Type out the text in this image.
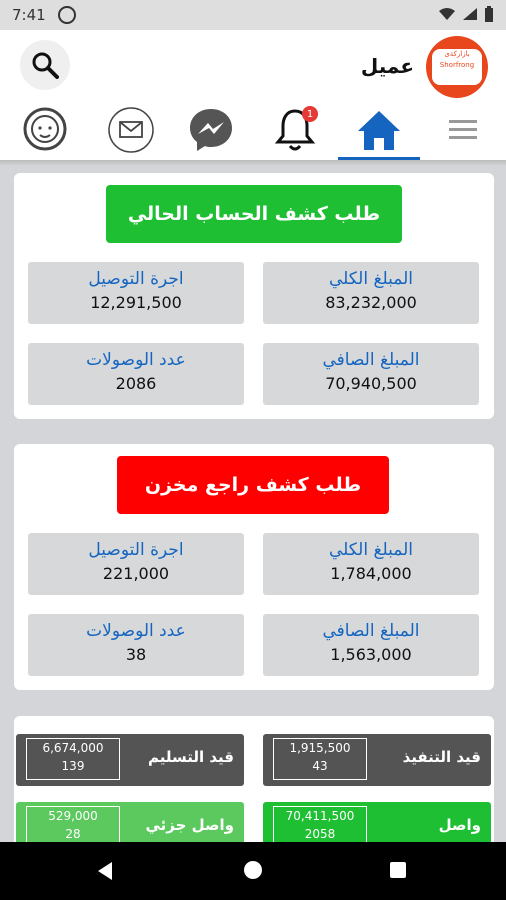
7:41
عميل	بازاركةى Shorfrong
1
طلب كشف الحساب الحالي
المبلغ الكلي
83,232,000
اجرة التوصيل
12,291,500
المبلغ الصافي
70,940,500
عدد الوصولات
2086
طلب كشف راجع مخزن
المبلغ الكلي
1,784,000
اجرة التوصيل
221,000
المبلغ الصافي
1,563,000
عدد الوصولات
38
1,915,500
43	قيد التنفيذ
6,674,000
139	قيد التسليم
70,411,500
2058	واصل
529,000
28	واصل جزئي
